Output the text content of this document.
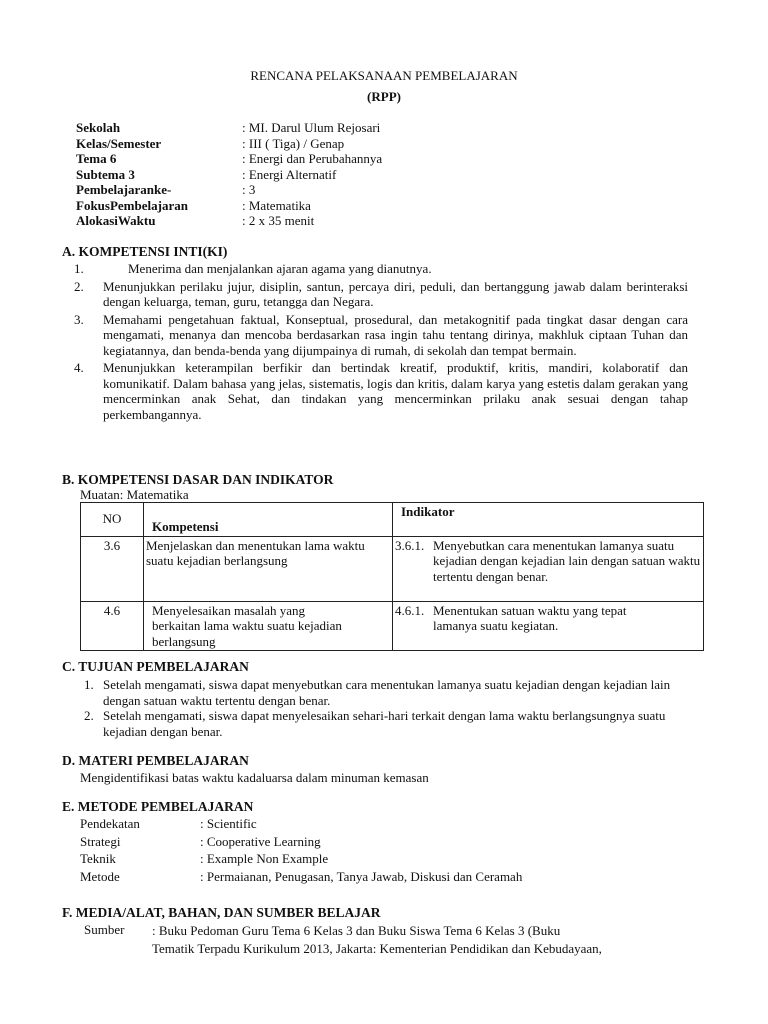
RENCANA PELAKSANAAN PEMBELAJARAN
(RPP)
Sekolah	: MI. Darul Ulum Rejosari
Kelas/Semester	: III ( Tiga) / Genap
Tema 6	: Energi dan Perubahannya
Subtema 3	: Energi Alternatif
Pembelajaranke-	: 3
FokusPembelajaran	: Matematika
AlokasiWaktu	: 2 x 35 menit
A. KOMPETENSI INTI(KI)
1.	Menerima dan menjalankan ajaran agama yang dianutnya.
2. Menunjukkan perilaku jujur, disiplin, santun, percaya diri, peduli, dan bertanggung jawab dalam berinteraksi dengan keluarga, teman, guru, tetangga dan Negara.
3. Memahami pengetahuan faktual, Konseptual, prosedural, dan metakognitif pada tingkat dasar dengan cara mengamati, menanya dan mencoba berdasarkan rasa ingin tahu tentang dirinya, makhluk ciptaan Tuhan dan kegiatannya, dan benda-benda yang dijumpainya di rumah, di sekolah dan tempat bermain.
4. Menunjukkan keterampilan berfikir dan bertindak kreatif, produktif, kritis, mandiri, kolaboratif dan komunikatif. Dalam bahasa yang jelas, sistematis, logis dan kritis, dalam karya yang estetis dalam gerakan yang mencerminkan anak Sehat, dan tindakan yang mencerminkan prilaku anak sesuai dengan tahap perkembangannya.
B. KOMPETENSI DASAR DAN INDIKATOR
Muatan: Matematika
NO	Kompetensi	Indikator
3.6	Menjelaskan dan menentukan lama waktu suatu kejadian berlangsung	3.6.1. Menyebutkan cara menentukan lamanya suatu kejadian dengan kejadian lain dengan satuan waktu tertentu dengan benar.

4.6	Menyelesaikan masalah yang berkaitan lama waktu suatu kejadian berlangsung	4.6.1. Menentukan satuan waktu yang tepat lamanya suatu kegiatan.
C. TUJUAN PEMBELAJARAN
1. Setelah mengamati, siswa dapat menyebutkan cara menentukan lamanya suatu kejadian dengan kejadian lain dengan satuan waktu tertentu dengan benar.
2. Setelah mengamati, siswa dapat menyelesaikan sehari-hari terkait dengan lama waktu berlangsungnya suatu kejadian dengan benar.
D. MATERI PEMBELAJARAN
Mengidentifikasi batas waktu kadaluarsa dalam minuman kemasan
E. METODE PEMBELAJARAN
Pendekatan	: Scientific
Strategi	: Cooperative Learning
Teknik	: Example Non Example
Metode	: Permaianan, Penugasan, Tanya Jawab, Diskusi dan Ceramah
F. MEDIA/ALAT, BAHAN, DAN SUMBER BELAJAR
Sumber : Buku Pedoman Guru Tema 6 Kelas 3 dan Buku Siswa Tema 6 Kelas 3 (Buku
Tematik Terpadu Kurikulum 2013, Jakarta: Kementerian Pendidikan dan Kebudayaan,
